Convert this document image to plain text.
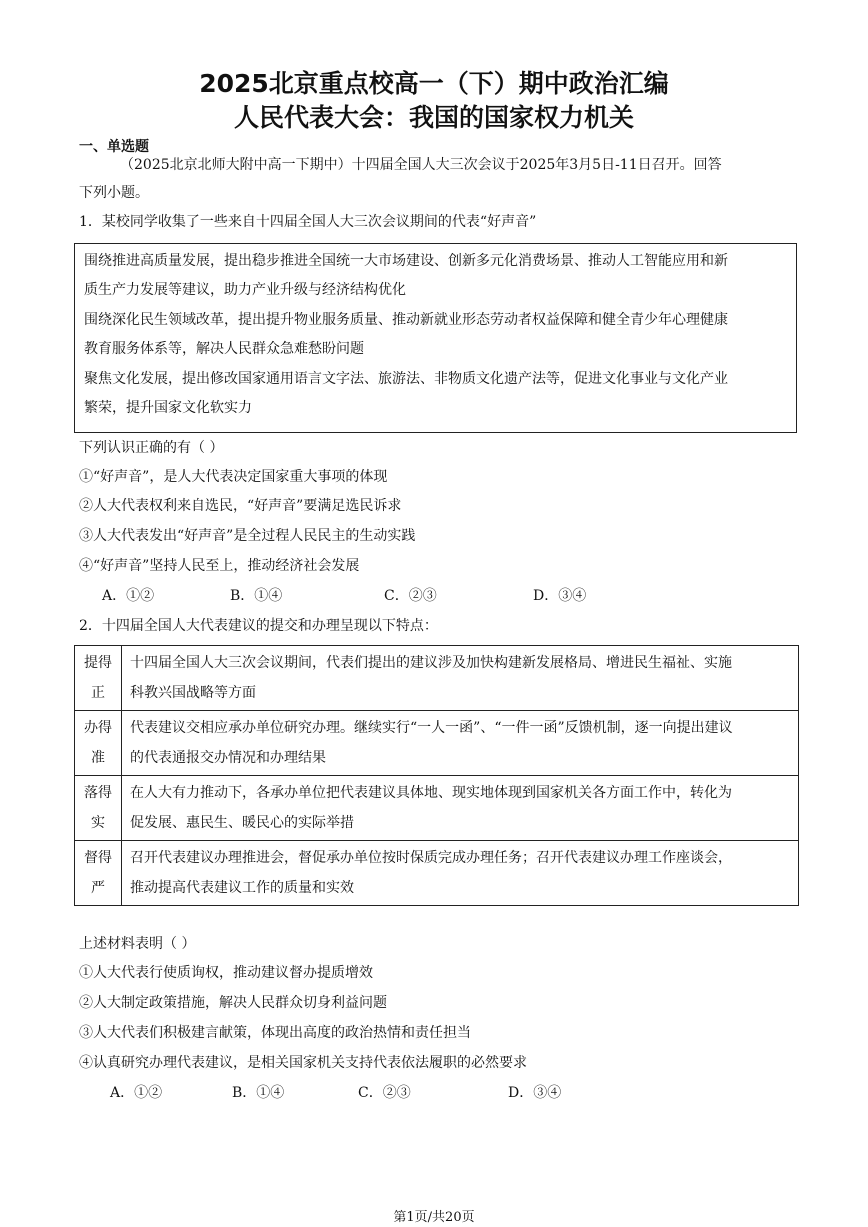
2025北京重点校高一（下）期中政治汇编
人民代表大会：我国的国家权力机关
一、单选题
（2025北京北师大附中高一下期中）十四届全国人大三次会议于2025年3月5日-11日召开。回答
下列小题。
1．某校同学收集了一些来自十四届全国人大三次会议期间的代表“好声音”
围绕推进高质量发展，提出稳步推进全国统一大市场建设、创新多元化消费场景、推动人工智能应用和新
质生产力发展等建议，助力产业升级与经济结构优化
围绕深化民生领域改革，提出提升物业服务质量、推动新就业形态劳动者权益保障和健全青少年心理健康
教育服务体系等，解决人民群众急难愁盼问题
聚焦文化发展，提出修改国家通用语言文字法、旅游法、非物质文化遗产法等，促进文化事业与文化产业
繁荣，提升国家文化软实力
下列认识正确的有（ ）
①“好声音”，是人大代表决定国家重大事项的体现
②人大代表权利来自选民，“好声音”要满足选民诉求
③人大代表发出“好声音”是全过程人民民主的生动实践
④“好声音”坚持人民至上，推动经济社会发展
A．①②	B．①④	C．②③	D．③④
2．十四届全国人大代表建议的提交和办理呈现以下特点：
提得
正	十四届全国人大三次会议期间，代表们提出的建议涉及加快构建新发展格局、增进民生福祉、实施
科教兴国战略等方面

办得
准	代表建议交相应承办单位研究办理。继续实行“一人一函”、“一件一函”反馈机制，逐一向提出建议
的代表通报交办情况和办理结果

落得
实	在人大有力推动下，各承办单位把代表建议具体地、现实地体现到国家机关各方面工作中，转化为
促发展、惠民生、暖民心的实际举措

督得
严	召开代表建议办理推进会，督促承办单位按时保质完成办理任务；召开代表建议办理工作座谈会，
推动提高代表建议工作的质量和实效
上述材料表明（ ）
①人大代表行使质询权，推动建议督办提质增效
②人大制定政策措施，解决人民群众切身利益问题
③人大代表们积极建言献策，体现出高度的政治热情和责任担当
④认真研究办理代表建议，是相关国家机关支持代表依法履职的必然要求
A．①②	B．①④	C．②③	D．③④
第1页/共20页
